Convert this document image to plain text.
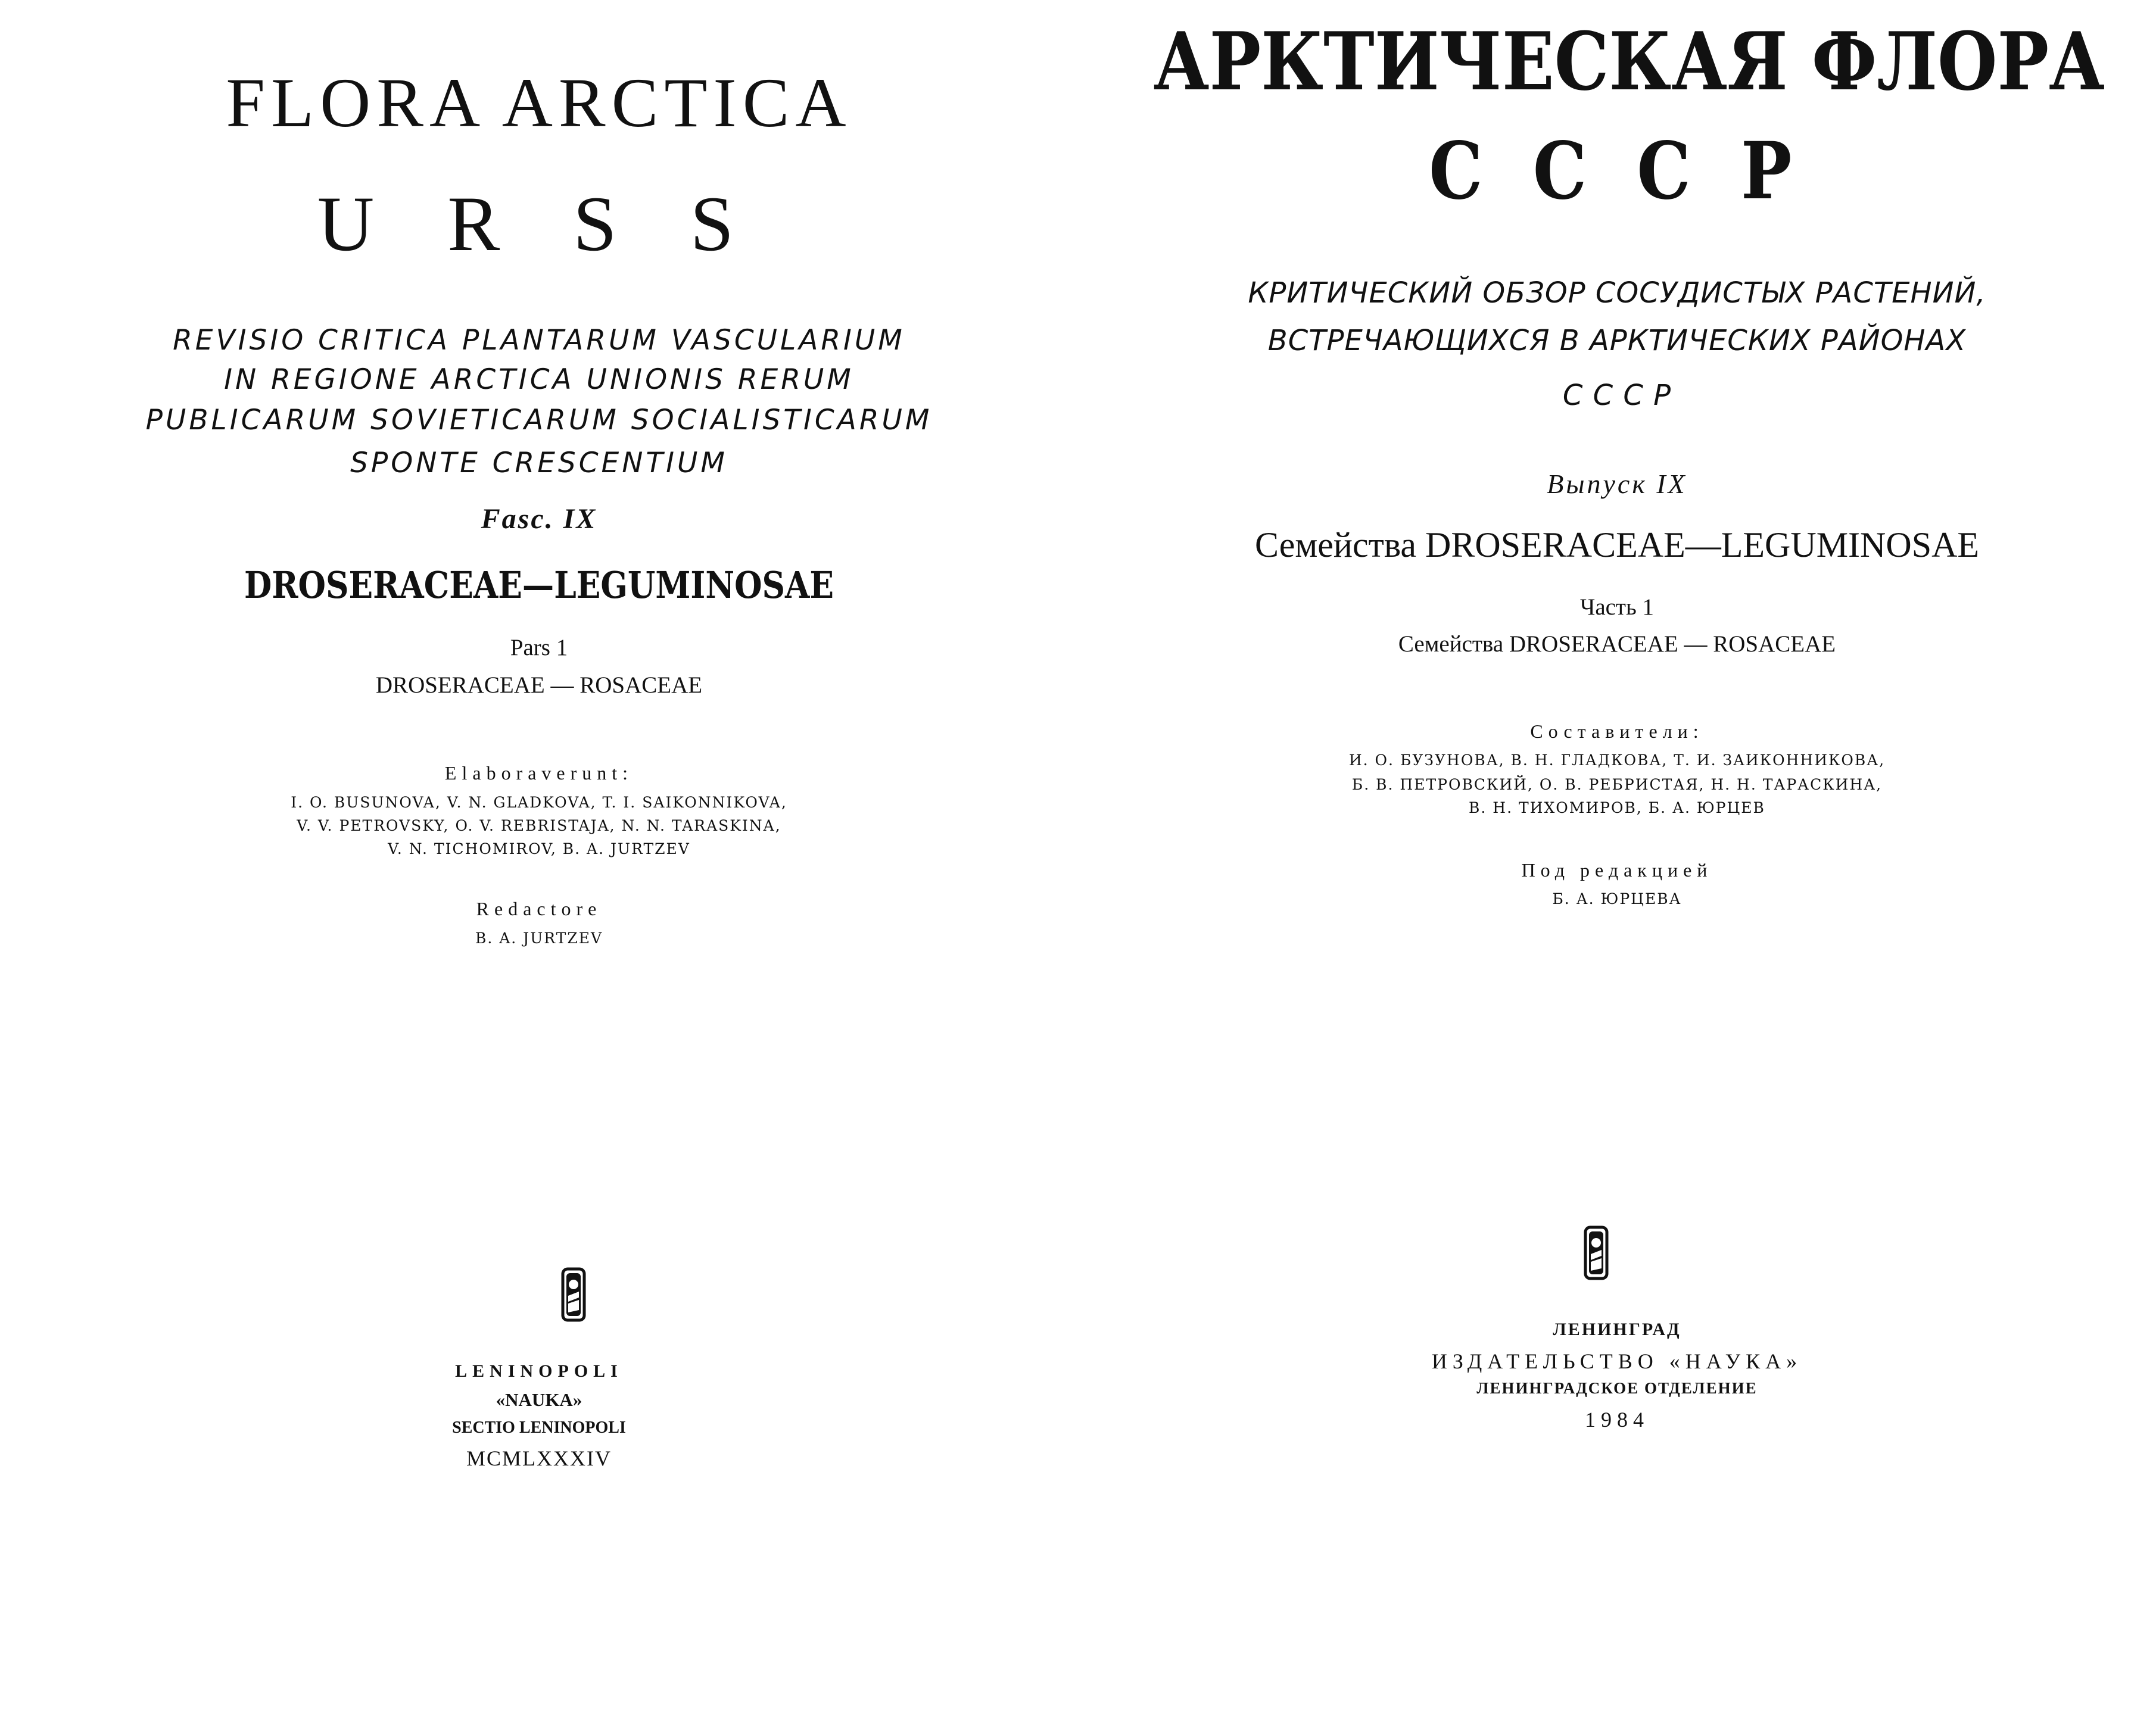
FLORA ARCTICA
U R S S
REVISIO CRITICA PLANTARUM VASCULARIUM
IN REGIONE ARCTICA UNIONIS RERUM
PUBLICARUM SOVIETICARUM SOCIALISTICARUM
SPONTE CRESCENTIUM
Fasc. IX
DROSERACEAE—LEGUMINOSAE
Pars 1
DROSERACEAE — ROSACEAE
Elaboraverunt:
I. O. BUSUNOVA, V. N. GLADKOVA, T. I. SAIKONNIKOVA,
V. V. PETROVSKY, O. V. REBRISTAJA, N. N. TARASKINA,
V. N. TICHOMIROV, B. A. JURTZEV
Redactore
B. A. JURTZEV
LENINOPOLI
«NAUKA»
SECTIO LENINOPOLI
MCMLXXXIV
АРКТИЧЕСКАЯ ФЛОРА
С С С Р
КРИТИЧЕСКИЙ ОБЗОР СОСУДИСТЫХ РАСТЕНИЙ,
ВСТРЕЧАЮЩИХСЯ В АРКТИЧЕСКИХ РАЙОНАХ
С С С Р
Выпуск IX
Семейства DROSERACEAE—LEGUMINOSAE
Часть 1
Семейства DROSERACEAE — ROSACEAE
Составители:
И. О. БУЗУНОВА, В. Н. ГЛАДКОВА, Т. И. ЗАИКОННИКОВА,
Б. В. ПЕТРОВСКИЙ, О. В. РЕБРИСТАЯ, Н. Н. ТАРАСКИНА,
В. Н. ТИХОМИРОВ, Б. А. ЮРЦЕВ
Под редакцией
Б. А. ЮРЦЕВА
ЛЕНИНГРАД
ИЗДАТЕЛЬСТВО «НАУКА»
ЛЕНИНГРАДСКОЕ ОТДЕЛЕНИЕ
1984
